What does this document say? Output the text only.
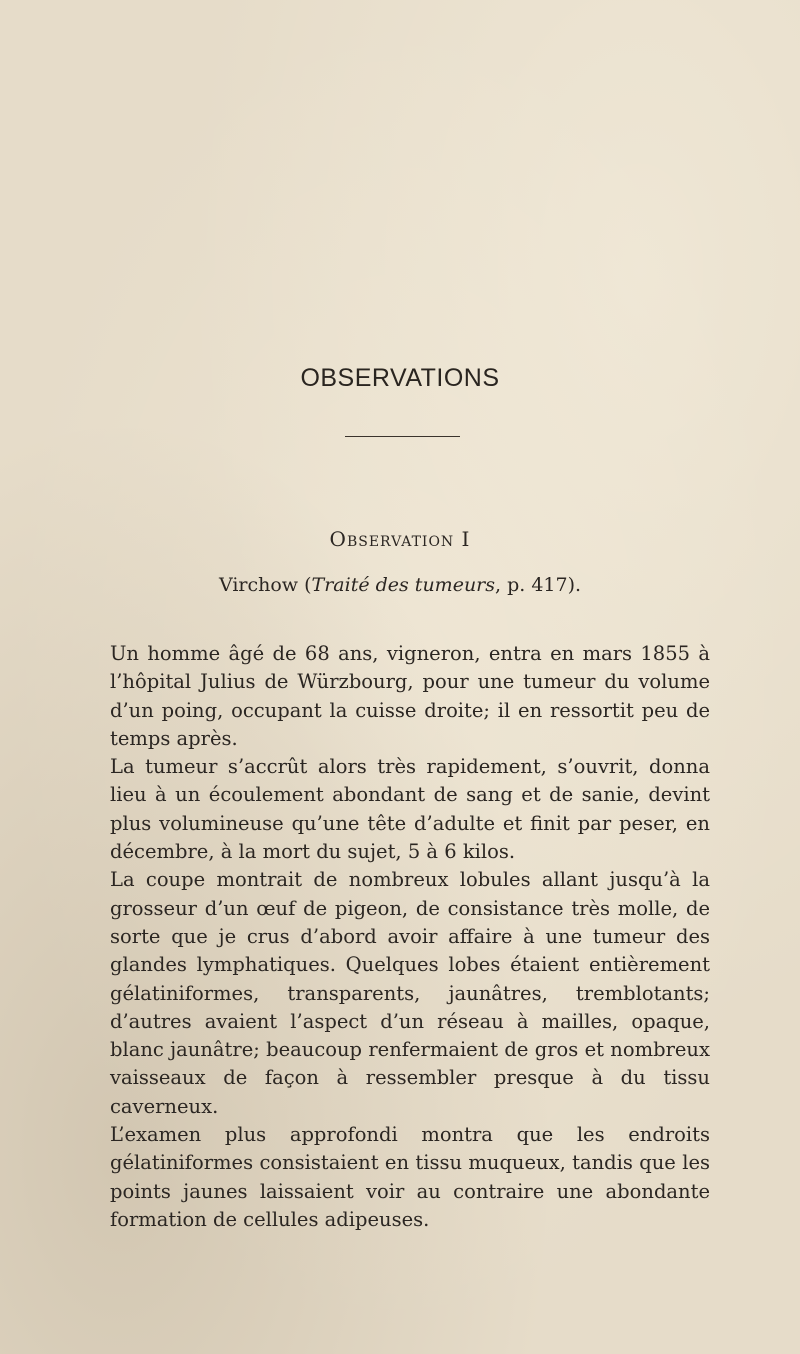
OBSERVATIONS
Observation I
Virchow (Traité des tumeurs, p. 417).

Un homme âgé de 68 ans, vigneron, entra en mars 1855 à l’hôpital Julius de Würzbourg, pour une tumeur du volume d’un poing, occupant la cuisse droite; il en ressortit peu de temps après.

La tumeur s’accrût alors très rapidement, s’ouvrit, donna lieu à un écoulement abondant de sang et de sanie, devint plus volumineuse qu’une tête d’adulte et finit par peser, en décembre, à la mort du sujet, 5 à 6 kilos.

La coupe montrait de nombreux lobules allant jusqu’à la grosseur d’un œuf de pigeon, de consistance très molle, de sorte que je crus d’abord avoir affaire à une tumeur des glandes lymphatiques. Quelques lobes étaient entièrement gélatiniformes, transparents, jaunâtres, tremblotants; d’autres avaient l’aspect d’un réseau à mailles, opaque, blanc jaunâtre; beaucoup renfermaient de gros et nombreux vaisseaux de façon à ressembler presque à du tissu caverneux.

L’examen plus approfondi montra que les endroits gélatiniformes consistaient en tissu muqueux, tandis que les points jaunes laissaient voir au contraire une abondante formation de cellules adipeuses.
